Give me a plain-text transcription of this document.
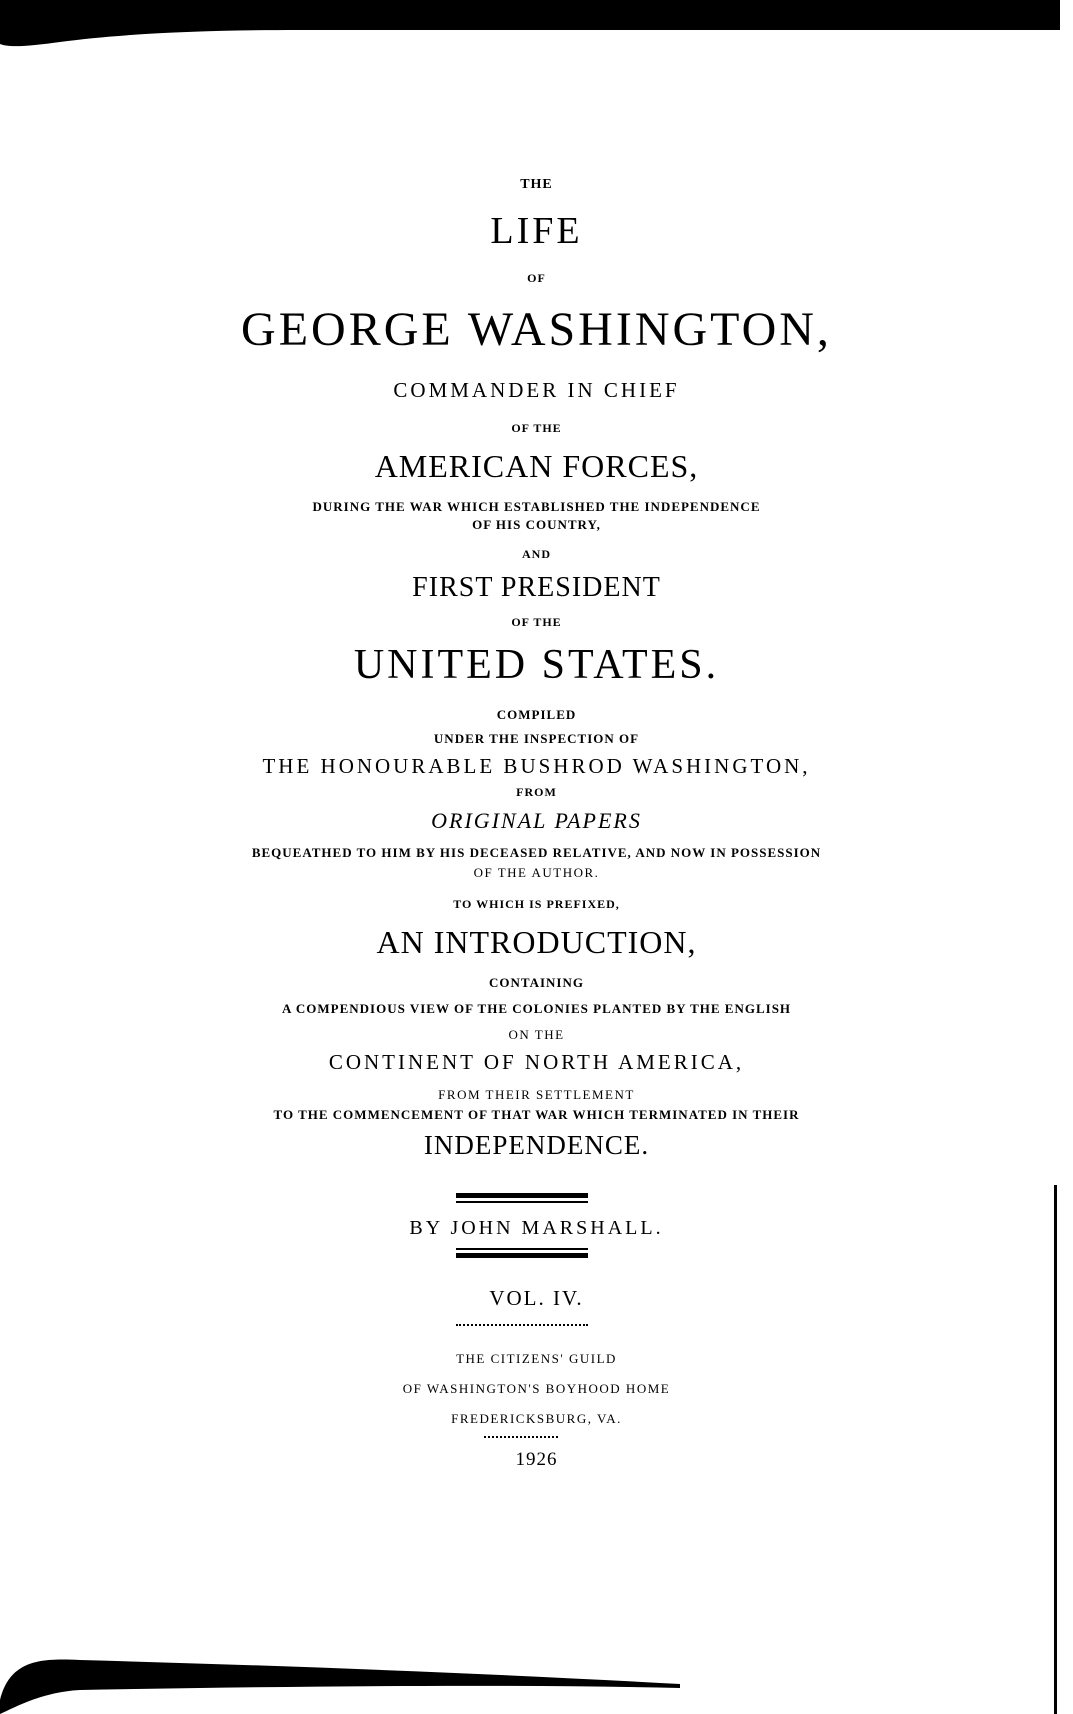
THE
LIFE
OF
GEORGE WASHINGTON,
COMMANDER IN CHIEF
OF THE
AMERICAN FORCES,
DURING THE WAR WHICH ESTABLISHED THE INDEPENDENCE
OF HIS COUNTRY,
AND
FIRST PRESIDENT
OF THE
UNITED STATES.
COMPILED
UNDER THE INSPECTION OF
THE HONOURABLE BUSHROD WASHINGTON,
FROM
ORIGINAL PAPERS
BEQUEATHED TO HIM BY HIS DECEASED RELATIVE, AND NOW IN POSSESSION
OF THE AUTHOR.
TO WHICH IS PREFIXED,
AN INTRODUCTION,
CONTAINING
A COMPENDIOUS VIEW OF THE COLONIES PLANTED BY THE ENGLISH
ON THE
CONTINENT OF NORTH AMERICA,
FROM THEIR SETTLEMENT
TO THE COMMENCEMENT OF THAT WAR WHICH TERMINATED IN THEIR
INDEPENDENCE.
BY JOHN MARSHALL.
VOL. IV.
THE CITIZENS' GUILD
OF WASHINGTON'S BOYHOOD HOME
FREDERICKSBURG, VA.
1926
